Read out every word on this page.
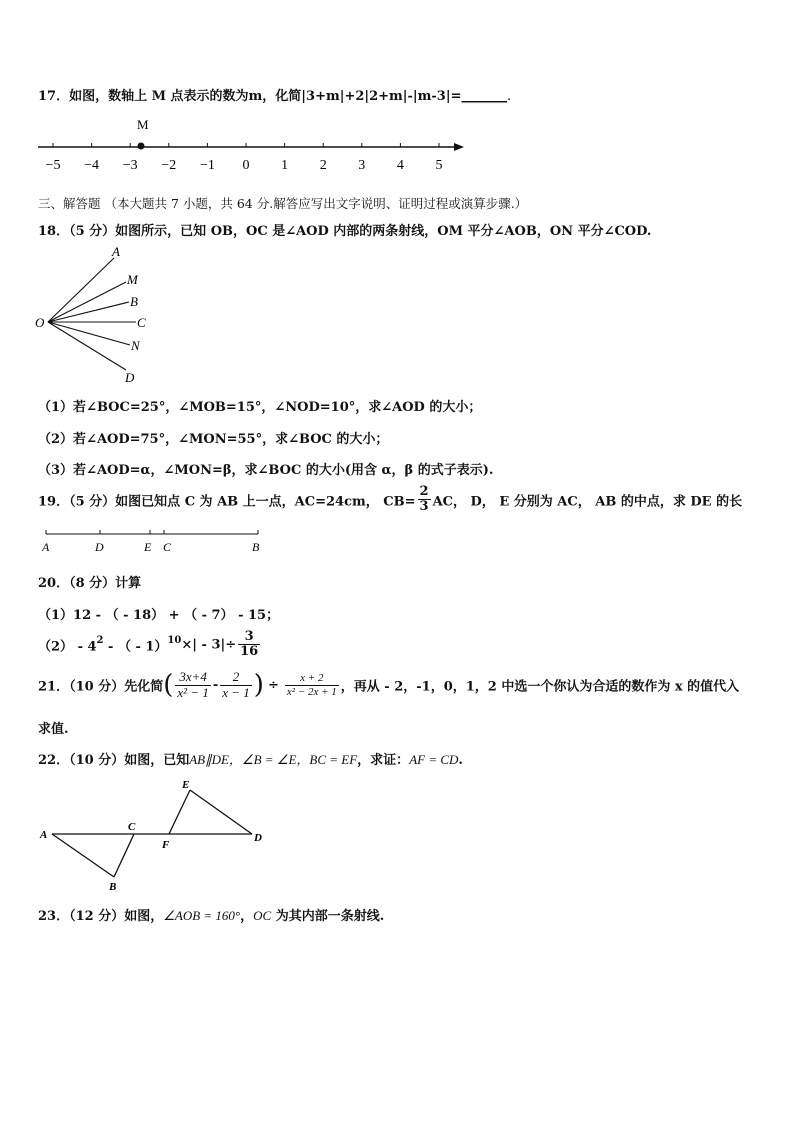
17．如图，数轴上 M 点表示的数为m，化简|3+m|+2|2+m|-|m-3|=_______.
−5 −4 −3 −2 −1 0 1 2 3 4 5
M
三、解答题 （本大题共 7 小题，共 64 分.解答应写出文字说明、证明过程或演算步骤.）
18．（5 分）如图所示，已知 OB，OC 是∠AOD 内部的两条射线，OM 平分∠AOB，ON 平分∠COD.
O
A
M
B
C
N
D
（1）若∠BOC=25°，∠MOB=15°，∠NOD=10°，求∠AOD 的大小；
（2）若∠AOD=75°，∠MON=55°，求∠BOC 的大小；
（3）若∠AOD=α，∠MON=β，求∠BOC 的大小(用含 α，β 的式子表示).
19．（5 分）如图已知点 C 为 AB 上一点，AC=24cm， $CB= \frac{2}{3}$ AC， D， E 分别为 AC， AB 的中点，求 DE 的长
A	D	E C	B
20．（8 分）计算
（1）12 - （ - 18） + （ - 7） - 15；
$(2) - 4^2$ - （ - $1)^{10}\times| - 3|\div \frac{3}{16}$
21．（10 分）先化简( $\frac{3x+4}{\text{x² − 1}} - \frac{2}{x - 1}$ ) ÷ $\frac{x + 2}{\text{x² − 2x + 1}}$ ，再从 - 2，-1，0，1，2 中选一个你认为合适的数作为 x 的值代入
求值.
22．（10 分）如图，已知AB∥DE，∠B = ∠E，BC = EF，求证：AF = CD.
A
B
C
F
E
D
23．（12 分）如图，∠AOB = 160°，OC 为其内部一条射线.
